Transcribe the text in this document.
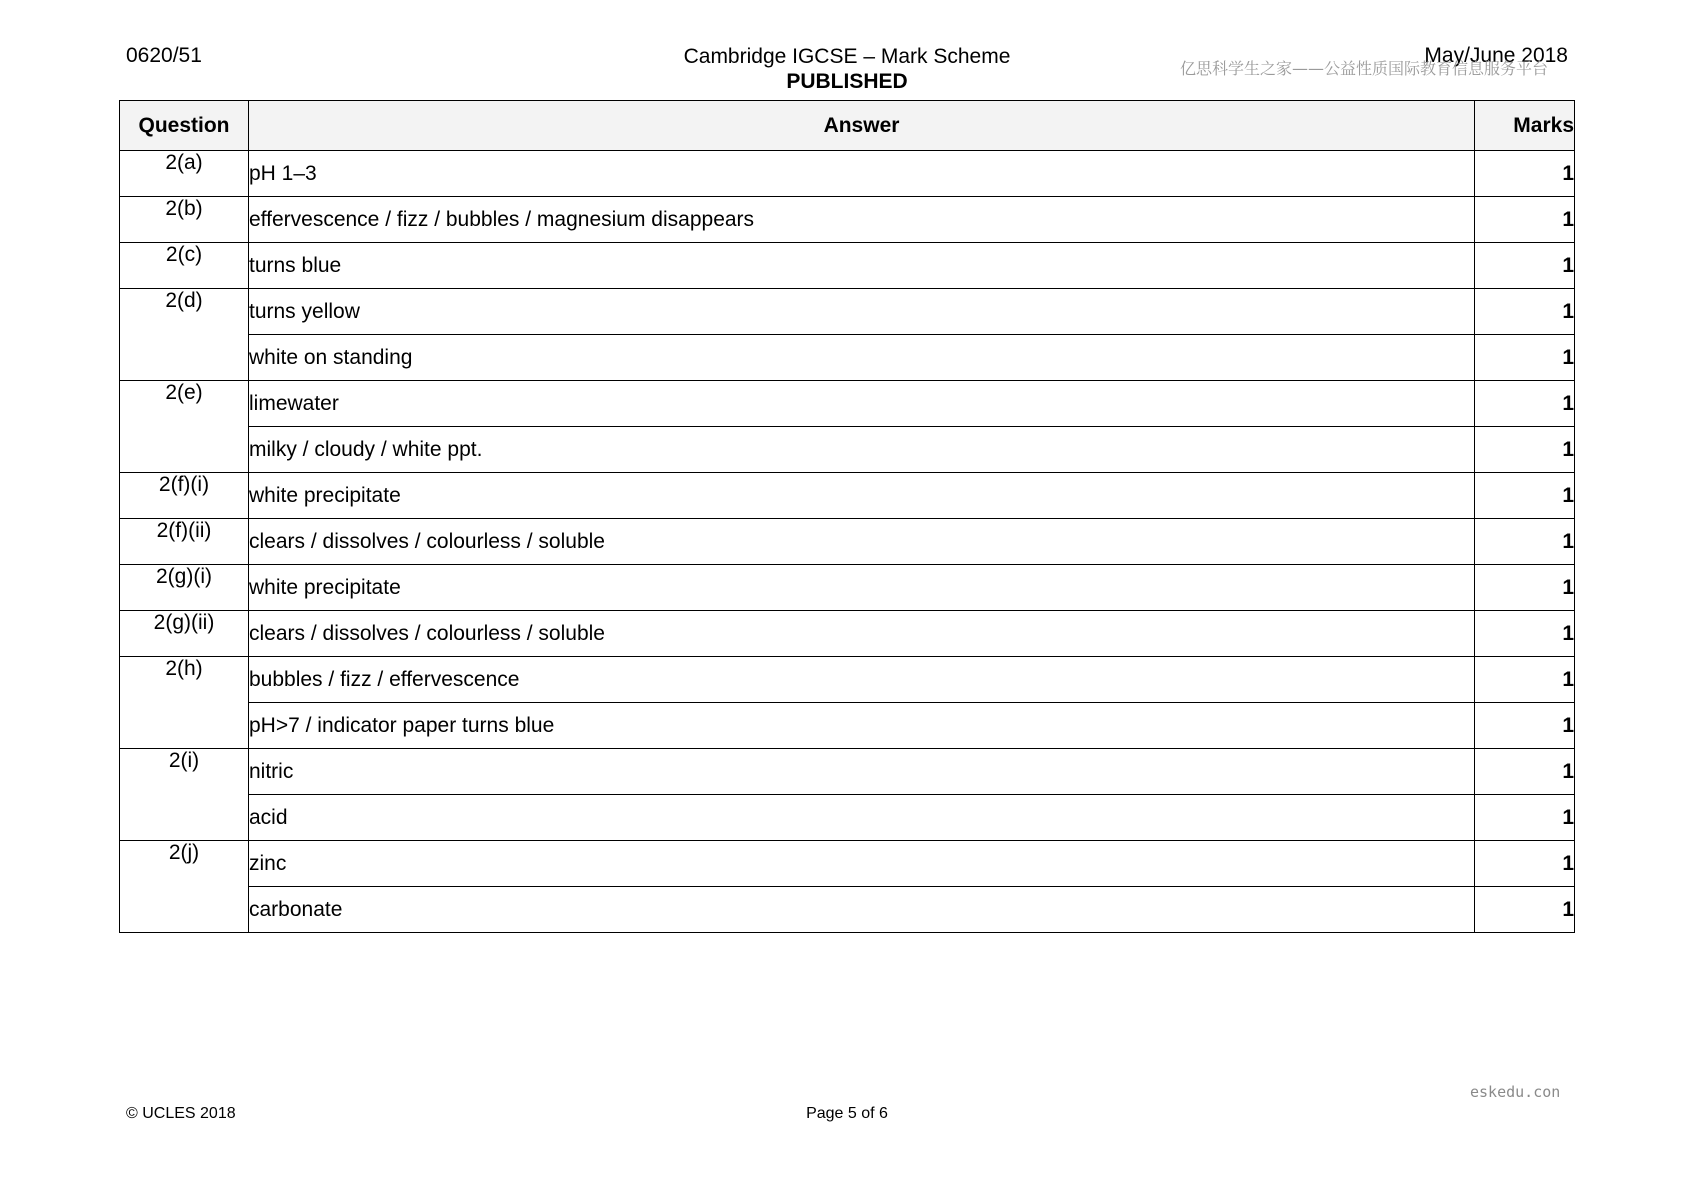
0620/51	Cambridge IGCSE – Mark Scheme
PUBLISHED
May/June 2018
亿思科学生之家——公益性质国际教育信息服务平台
Question	Answer	Marks
2(a)	pH 1–3	1
2(b)	effervescence / fizz / bubbles / magnesium disappears	1
2(c)	turns blue	1
2(d)	turns yellow	1
	white on standing	1
2(e)	limewater	1
	milky / cloudy / white ppt.	1
2(f)(i)	white precipitate	1
2(f)(ii)	clears / dissolves / colourless / soluble	1
2(g)(i)	white precipitate	1
2(g)(ii)	clears / dissolves / colourless / soluble	1
2(h)	bubbles / fizz / effervescence	1
	pH>7 / indicator paper turns blue	1
2(i)	nitric	1
	acid	1
2(j)	zinc	1
	carbonate	1
eskedu.con
© UCLES 2018	Page 5 of 6
